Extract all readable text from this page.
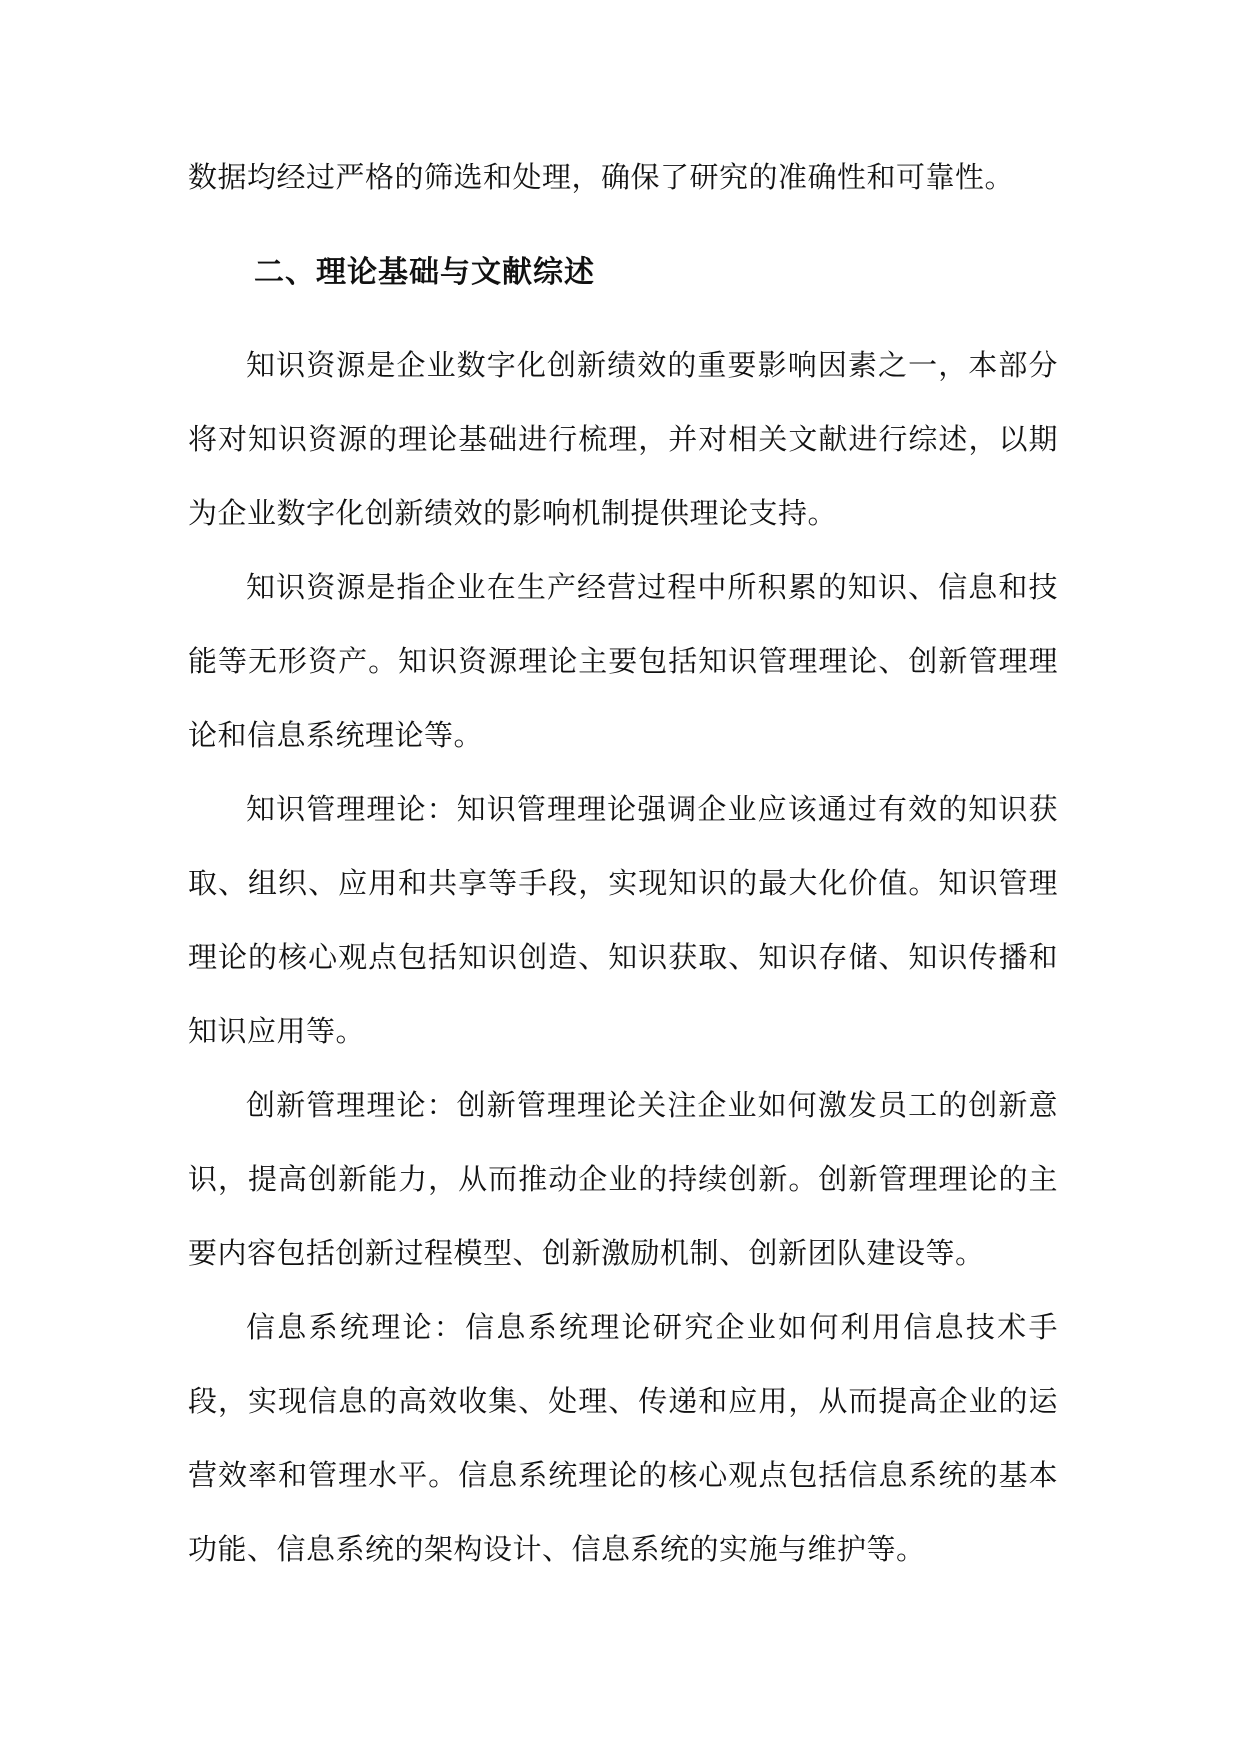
数据均经过严格的筛选和处理，确保了研究的准确性和可靠性。

二、理论基础与文献综述

知识资源是企业数字化创新绩效的重要影响因素之一，本部分将对知识资源的理论基础进行梳理，并对相关文献进行综述，以期为企业数字化创新绩效的影响机制提供理论支持。

知识资源是指企业在生产经营过程中所积累的知识、信息和技能等无形资产。知识资源理论主要包括知识管理理论、创新管理理论和信息系统理论等。

知识管理理论：知识管理理论强调企业应该通过有效的知识获取、组织、应用和共享等手段，实现知识的最大化价值。知识管理理论的核心观点包括知识创造、知识获取、知识存储、知识传播和知识应用等。

创新管理理论：创新管理理论关注企业如何激发员工的创新意识，提高创新能力，从而推动企业的持续创新。创新管理理论的主要内容包括创新过程模型、创新激励机制、创新团队建设等。

信息系统理论：信息系统理论研究企业如何利用信息技术手段，实现信息的高效收集、处理、传递和应用，从而提高企业的运营效率和管理水平。信息系统理论的核心观点包括信息系统的基本功能、信息系统的架构设计、信息系统的实施与维护等。
